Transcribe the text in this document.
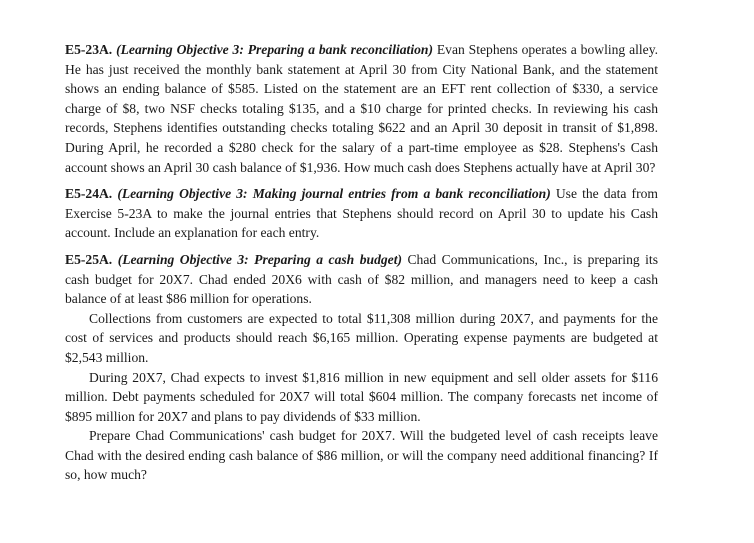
E5-23A. (Learning Objective 3: Preparing a bank reconciliation) Evan Stephens operates a bowling alley. He has just received the monthly bank statement at April 30 from City National Bank, and the statement shows an ending balance of $585. Listed on the statement are an EFT rent collection of $330, a service charge of $8, two NSF checks totaling $135, and a $10 charge for printed checks. In reviewing his cash records, Stephens identifies outstanding checks totaling $622 and an April 30 deposit in transit of $1,898. During April, he recorded a $280 check for the salary of a part-time employee as $28. Stephens's Cash account shows an April 30 cash balance of $1,936. How much cash does Stephens actually have at April 30?

E5-24A. (Learning Objective 3: Making journal entries from a bank reconciliation) Use the data from Exercise 5-23A to make the journal entries that Stephens should record on April 30 to update his Cash account. Include an explanation for each entry.

E5-25A. (Learning Objective 3: Preparing a cash budget) Chad Communications, Inc., is preparing its cash budget for 20X7. Chad ended 20X6 with cash of $82 million, and managers need to keep a cash balance of at least $86 million for operations.

Collections from customers are expected to total $11,308 million during 20X7, and payments for the cost of services and products should reach $6,165 million. Operating expense payments are budgeted at $2,543 million.

During 20X7, Chad expects to invest $1,816 million in new equipment and sell older assets for $116 million. Debt payments scheduled for 20X7 will total $604 million. The company forecasts net income of $895 million for 20X7 and plans to pay dividends of $33 million.

Prepare Chad Communications' cash budget for 20X7. Will the budgeted level of cash receipts leave Chad with the desired ending cash balance of $86 million, or will the company need additional financing? If so, how much?
